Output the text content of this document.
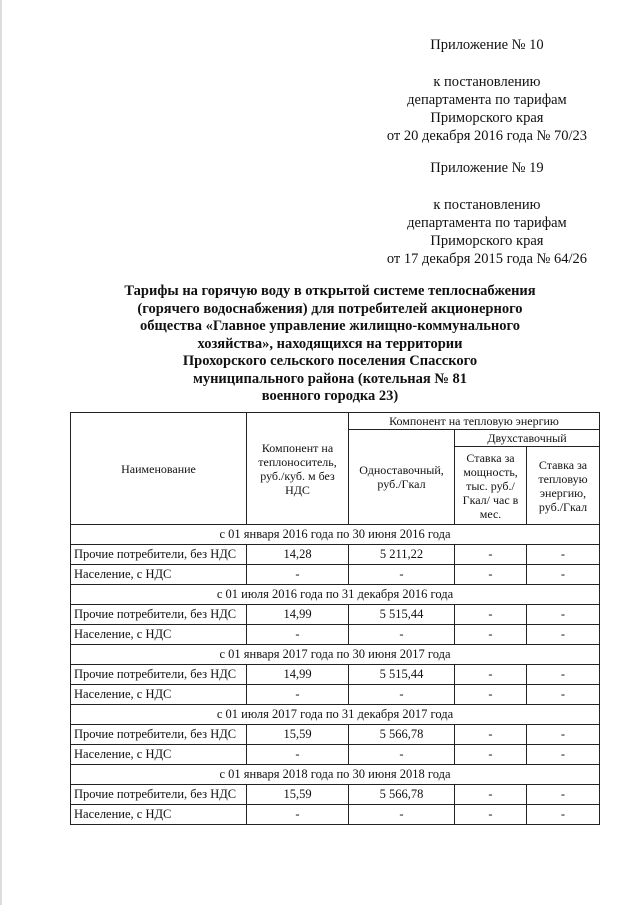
Приложение № 10
к постановлению
департамента по тарифам
Приморского края
от 20 декабря 2016 года № 70/23
Приложение № 19
к постановлению
департамента по тарифам
Приморского края
от 17 декабря 2015 года № 64/26
Тарифы на горячую воду в открытой системе теплоснабжения
(горячего водоснабжения) для потребителей акционерного
общества «Главное управление жилищно-коммунального
хозяйства», находящихся на территории
Прохорского сельского поселения Спасского
муниципального района (котельная № 81
военного городка 23)
Наименование	Компонент на теплоноситель, руб./куб. м без НДС	Компонент на тепловую энергию		
		Одноставочный, руб./Гкал	Двухставочный	
			Ставка за мощность, тыс. руб./Гкал/ час в мес.	Ставка за тепловую энергию, руб./Гкал
с 01 января 2016 года по 30 июня 2016 года				
Прочие потребители, без НДС	14,28	5 211,22	-	-
Население, с НДС	-	-	-	-
с 01 июля 2016 года по 31 декабря 2016 года				
Прочие потребители, без НДС	14,99	5 515,44	-	-
Население, с НДС	-	-	-	-
с 01 января 2017 года по 30 июня 2017 года				
Прочие потребители, без НДС	14,99	5 515,44	-	-
Население, с НДС	-	-	-	-
с 01 июля 2017 года по 31 декабря 2017 года				
Прочие потребители, без НДС	15,59	5 566,78	-	-
Население, с НДС	-	-	-	-
с 01 января 2018 года по 30 июня 2018 года				
Прочие потребители, без НДС	15,59	5 566,78	-	-
Население, с НДС	-	-	-	-
